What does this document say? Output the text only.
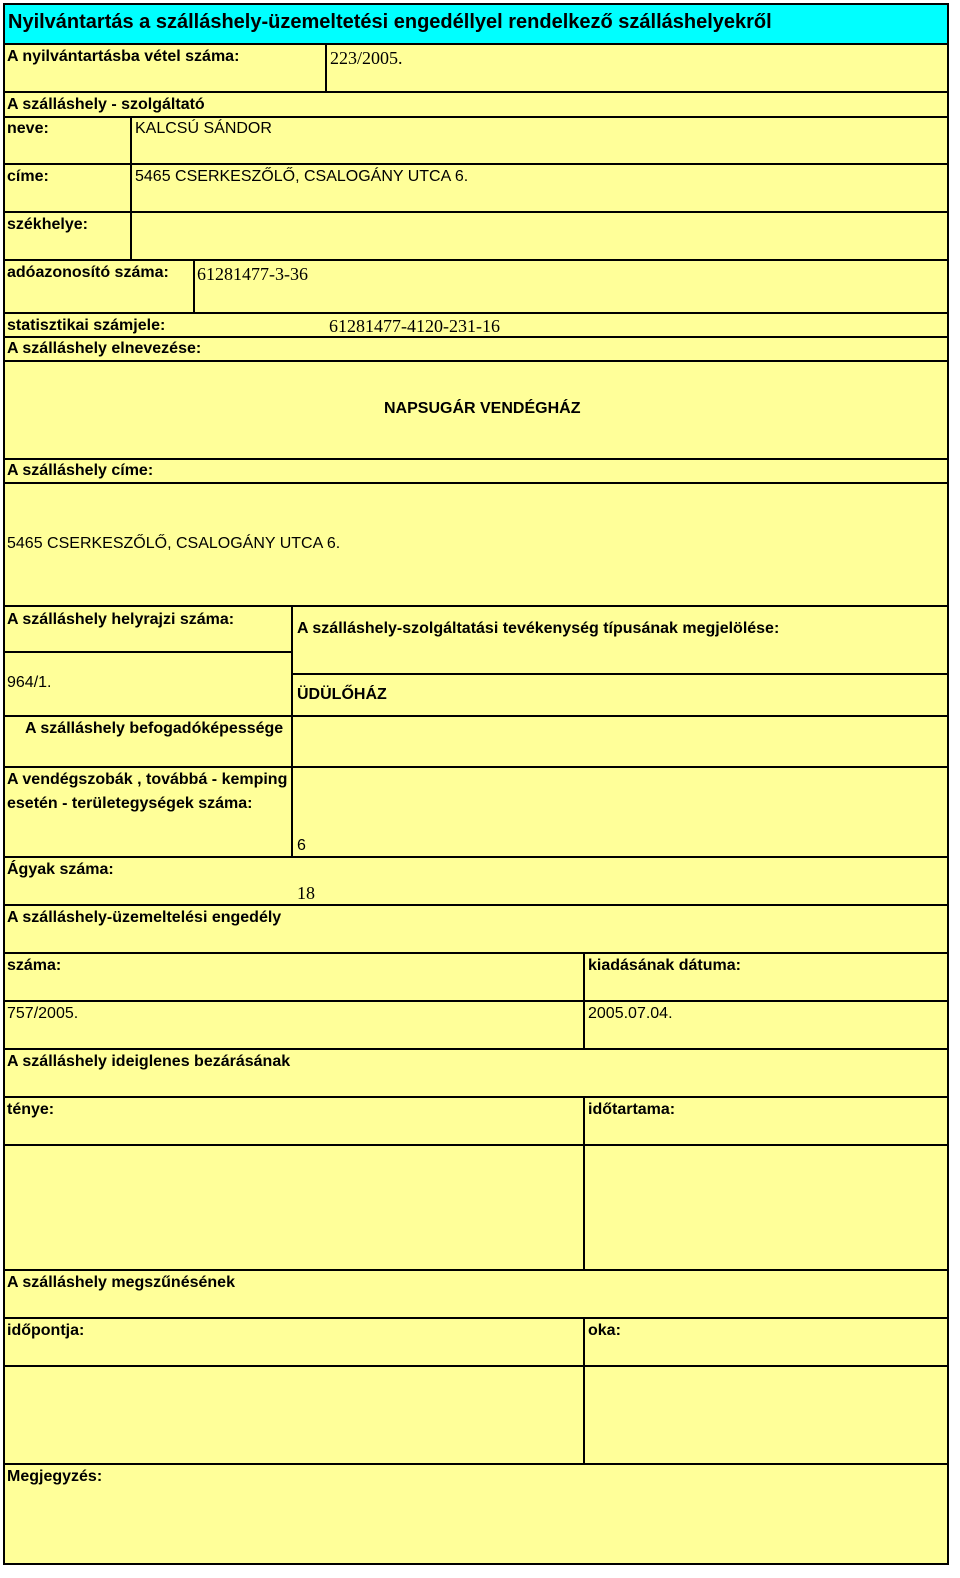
Nyilvántartás a szálláshely-üzemeltetési engedéllyel rendelkező szálláshelyekről
A nyilvántartásba vétel száma:	223/2005.
A szálláshely - szolgáltató
neve:	KALCSÚ SÁNDOR
címe:	5465 CSERKESZŐLŐ, CSALOGÁNY UTCA 6.
székhelye:
adóazonosító száma: 61281477-3-36
statisztikai számjele:	61281477-4120-231-16
A szálláshely elnevezése:
NAPSUGÁR VENDÉGHÁZ
A szálláshely címe:
5465 CSERKESZŐLŐ, CSALOGÁNY UTCA 6.
A szálláshely helyrajzi száma:
964/1.
A szálláshely-szolgáltatási tevékenység típusának megjelölése:
ÜDÜLŐHÁZ
A szálláshely befogadóképessége
A vendégszobák , továbbá - kemping
esetén - területegységek száma:
6
Ágyak száma:
18
A szálláshely-üzemeltelési engedély
száma:	kiadásának dátuma:
757/2005.	2005.07.04.
A szálláshely ideiglenes bezárásának
ténye:	időtartama:
A szálláshely megszűnésének
időpontja:	oka:
Megjegyzés:
